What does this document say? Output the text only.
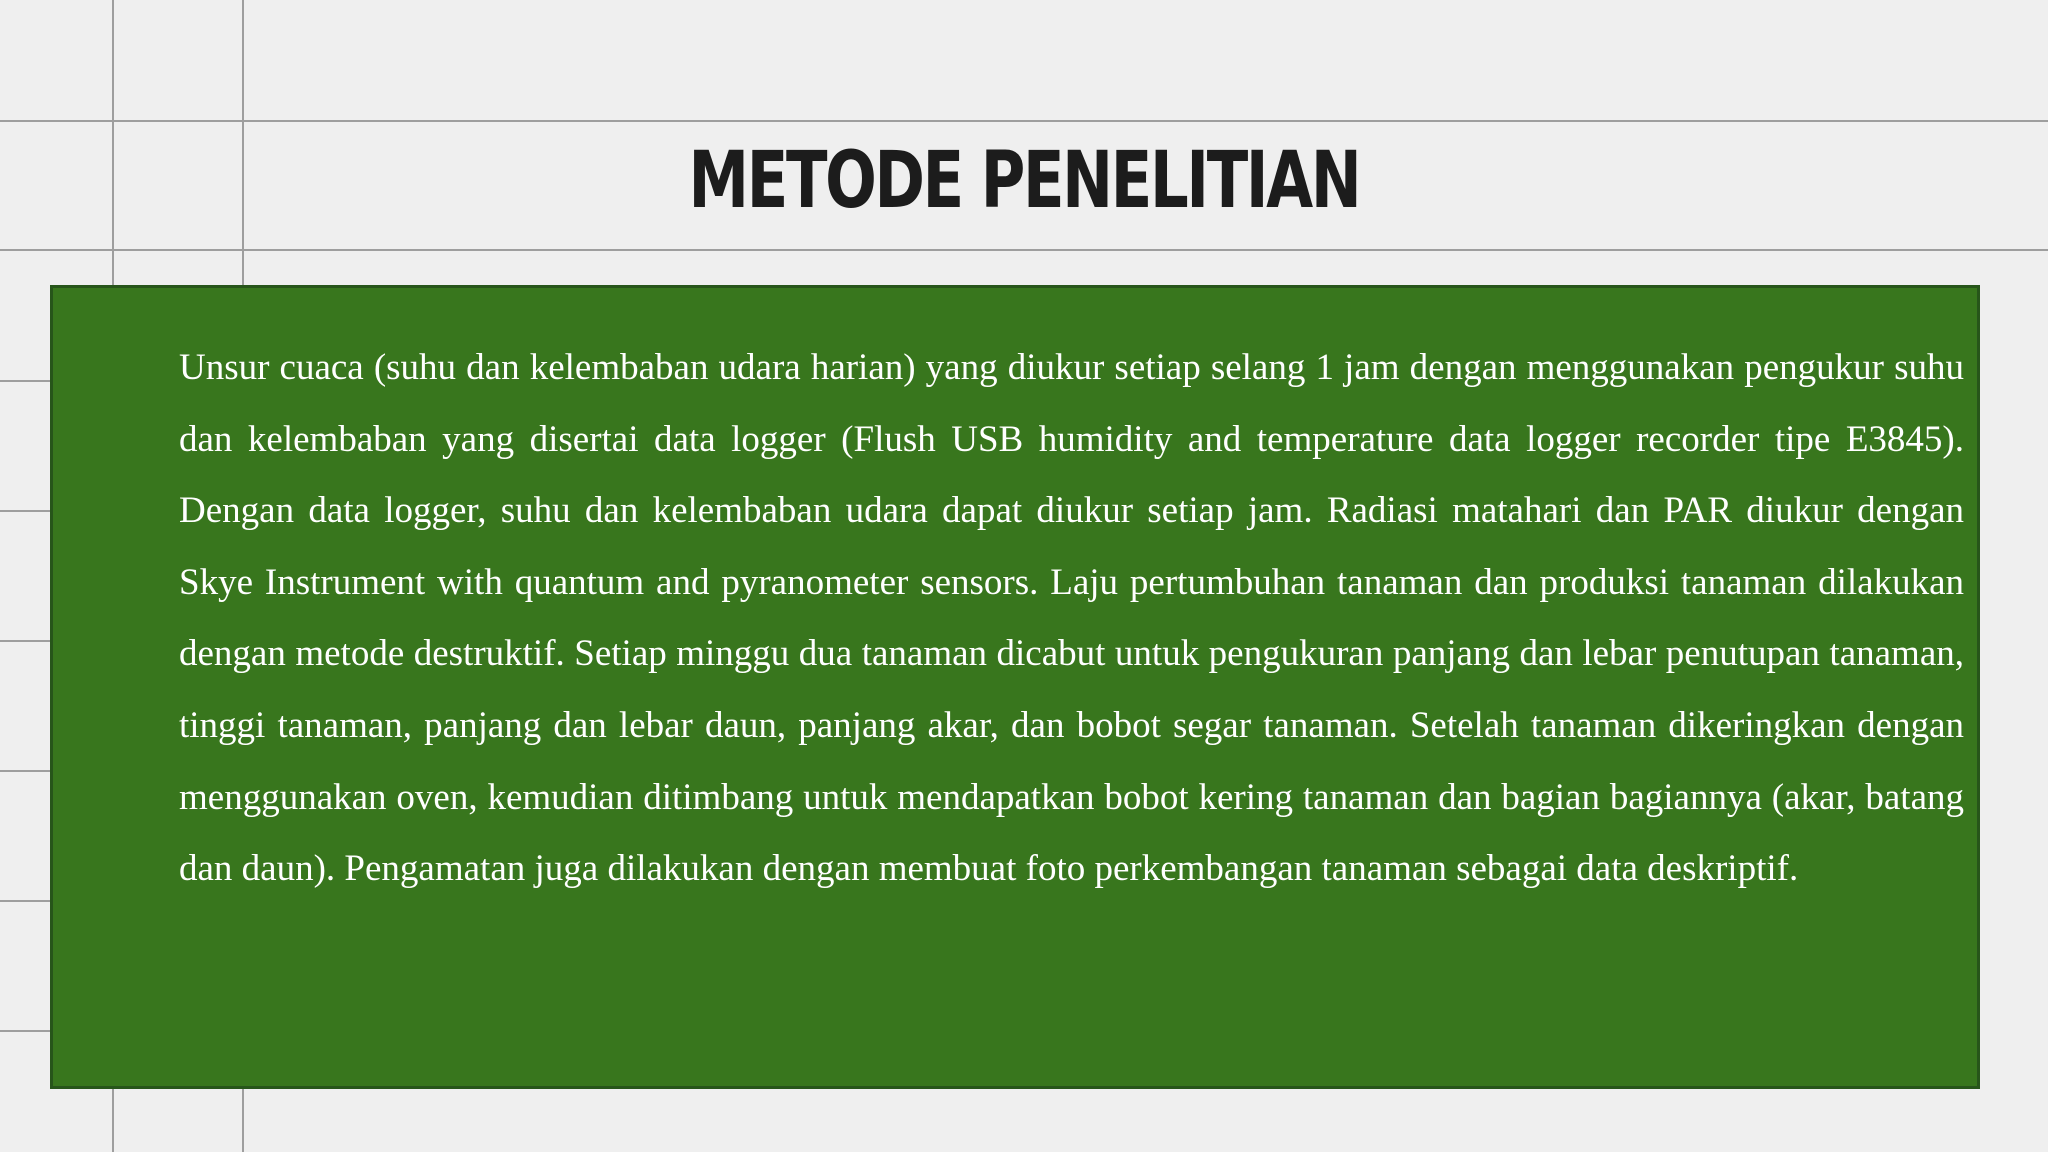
METODE PENELITIAN

Unsur cuaca (suhu dan kelembaban udara harian) yang diukur setiap selang 1 jam dengan menggunakan pengukur suhu dan kelembaban yang disertai data logger (Flush USB humidity and temperature data logger recorder tipe E3845). Dengan data logger, suhu dan kelembaban udara dapat diukur setiap jam. Radiasi matahari dan PAR diukur dengan Skye Instrument with quantum and pyranometer sensors. Laju pertumbuhan tanaman dan produksi tanaman dilakukan dengan metode destruktif. Setiap minggu dua tanaman dicabut untuk pengukuran panjang dan lebar penutupan tanaman, tinggi tanaman, panjang dan lebar daun, panjang akar, dan bobot segar tanaman. Setelah tanaman dikeringkan dengan menggunakan oven, kemudian ditimbang untuk mendapatkan bobot kering tanaman dan bagian bagiannya (akar, batang dan daun). Pengamatan juga dilakukan dengan membuat foto perkembangan tanaman sebagai data deskriptif.
